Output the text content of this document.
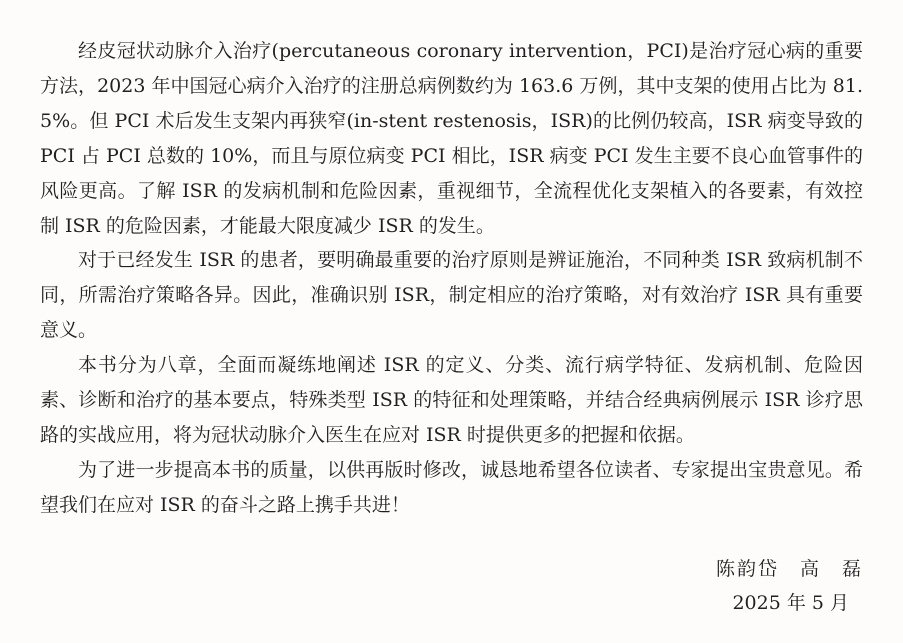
经皮冠状动脉介入治疗(percutaneous coronary intervention，PCI)是治疗冠心病的重要方法，2023 年中国冠心病介入治疗的注册总病例数约为 163.6 万例，其中支架的使用占比为 81.5%。但 PCI 术后发生支架内再狭窄(in-stent restenosis，ISR)的比例仍较高，ISR 病变导致的 PCI 占 PCI 总数的 10%，而且与原位病变 PCI 相比，ISR 病变 PCI 发生主要不良心血管事件的风险更高。了解 ISR 的发病机制和危险因素，重视细节，全流程优化支架植入的各要素，有效控制 ISR 的危险因素，才能最大限度减少 ISR 的发生。

对于已经发生 ISR 的患者，要明确最重要的治疗原则是辨证施治，不同种类 ISR 致病机制不同，所需治疗策略各异。因此，准确识别 ISR，制定相应的治疗策略，对有效治疗 ISR 具有重要意义。

本书分为八章，全面而凝练地阐述 ISR 的定义、分类、流行病学特征、发病机制、危险因素、诊断和治疗的基本要点，特殊类型 ISR 的特征和处理策略，并结合经典病例展示 ISR 诊疗思路的实战应用，将为冠状动脉介入医生在应对 ISR 时提供更多的把握和依据。

为了进一步提高本书的质量，以供再版时修改，诚恳地希望各位读者、专家提出宝贵意见。希望我们在应对 ISR 的奋斗之路上携手共进！

陈韵岱　高　磊
2025 年 5 月
